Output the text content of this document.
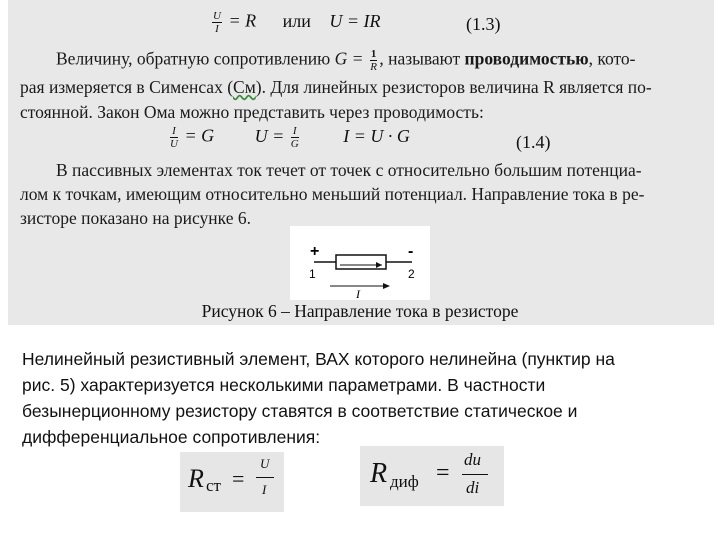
$\frac{U}{I} = R$ или U = IR	(1.3)
Величину, обратную сопротивлению $G = \frac{1}{R}$ , называют проводимостью, кото-
рая измеряется в Сименсах (См). Для линейных резисторов величина R является по-
стоянной. Закон Ома можно представить через проводимость:
$\frac{I}{U} = G$ $U = \frac{I}{G}$ I = U · G	(1.4)
В пассивных элементах ток течет от точек с относительно большим потенциа-
лом к точкам, имеющим относительно меньший потенциал. Направление тока в ре-
зисторе показано на рисунке 6.
+	-
1	2
I
Рисунок 6 – Направление тока в резисторе
Нелинейный резистивный элемент, ВАХ которого нелинейна (пунктир на
рис. 5) характеризуется несколькими параметрами. В частности
безынерционному резистору ставятся в соответствие статическое и
дифференциальное сопротивления:
R ст =
U
I
R диф =
du
di
